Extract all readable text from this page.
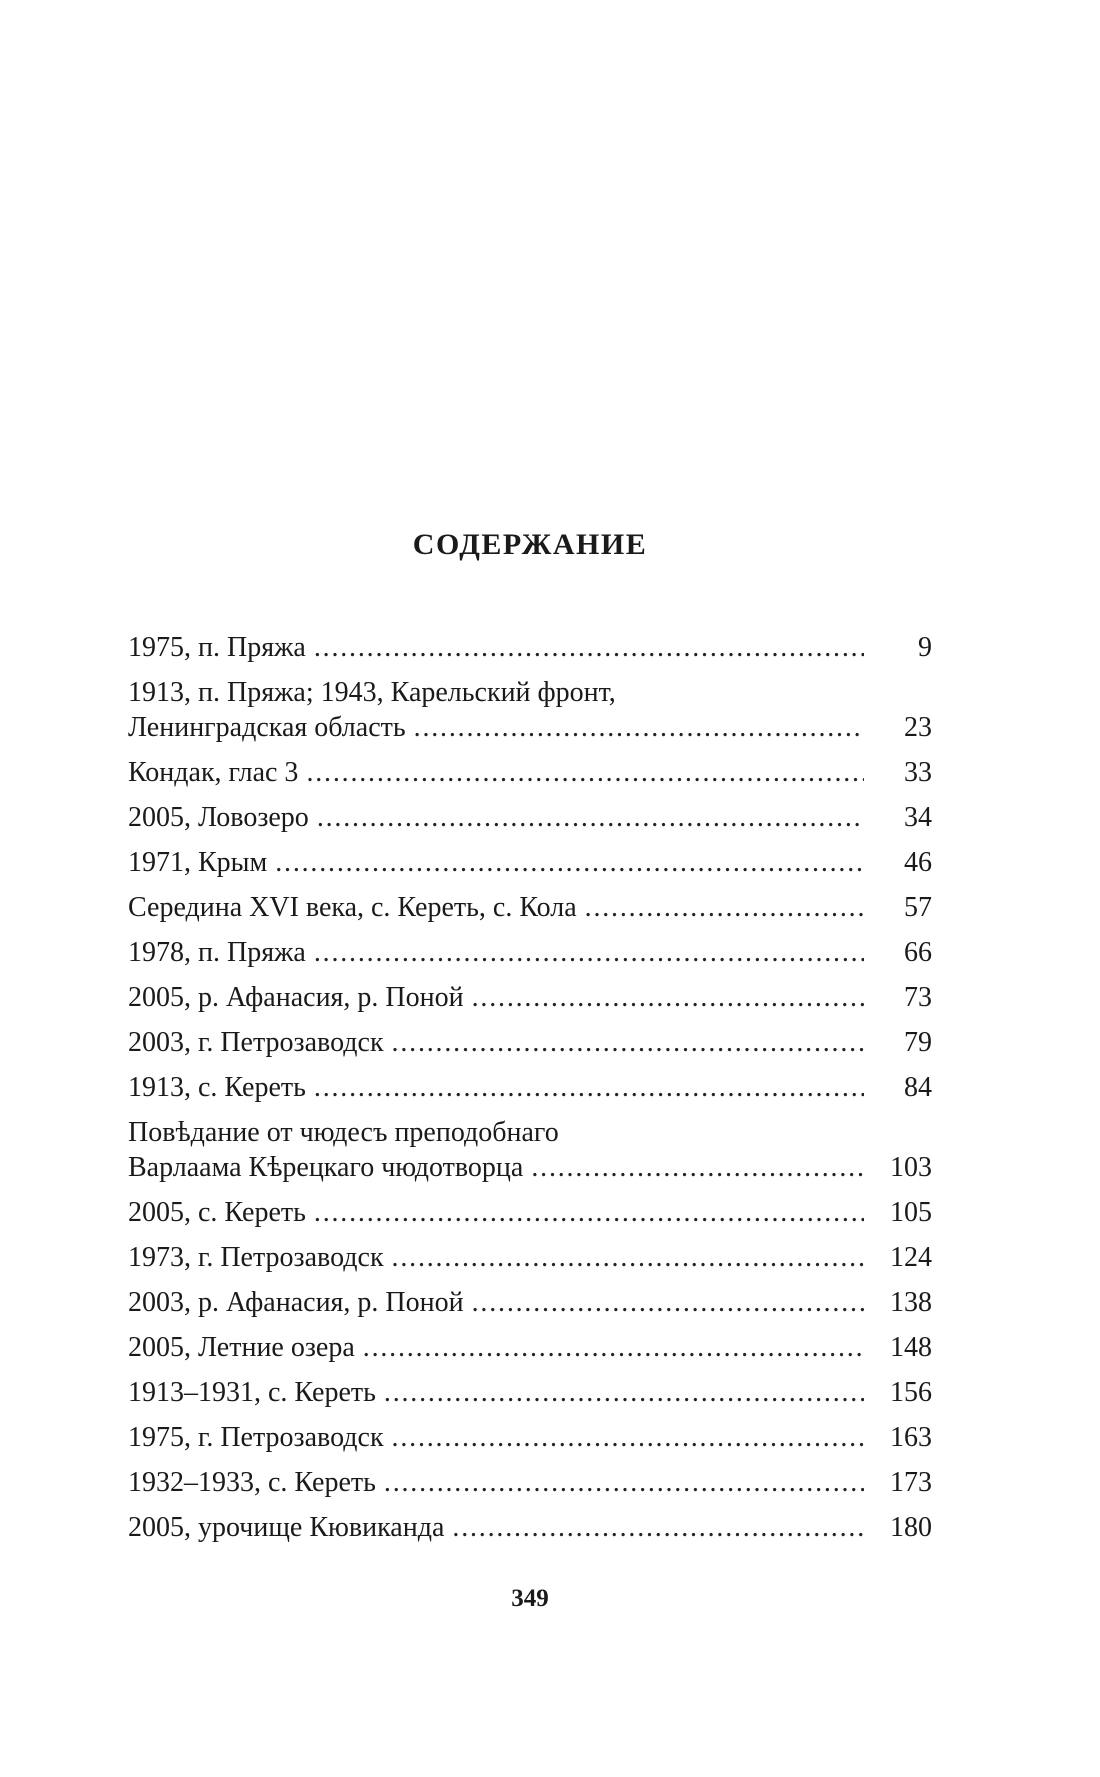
СОДЕРЖАНИЕ
1975, п. Пряжа . . .	9
1913, п. Пряжа; 1943, Карельский фронт,
Ленинградская область . . .	23
Кондак, глас 3 . . .	33
2005, Ловозеро . . .	34
1971, Крым . . .	46
Середина XVI века, с. Кереть, с. Кола . . .	57
1978, п. Пряжа . . .	66
2005, р. Афанасия, р. Поной . . .	73
2003, г. Петрозаводск . . .	79
1913, с. Кереть . . .	84
Повѣдание от чюдесъ преподобнаго
Варлаама Кѣрецкаго чюдотворца . . .	103
2005, с. Кереть . . .	105
1973, г. Петрозаводск . . .	124
2003, р. Афанасия, р. Поной . . .	138
2005, Летние озера . . .	148
1913–1931, с. Кереть . . .	156
1975, г. Петрозаводск . . .	163
1932–1933, с. Кереть . . .	173
2005, урочище Кювиканда . . .	180
349
